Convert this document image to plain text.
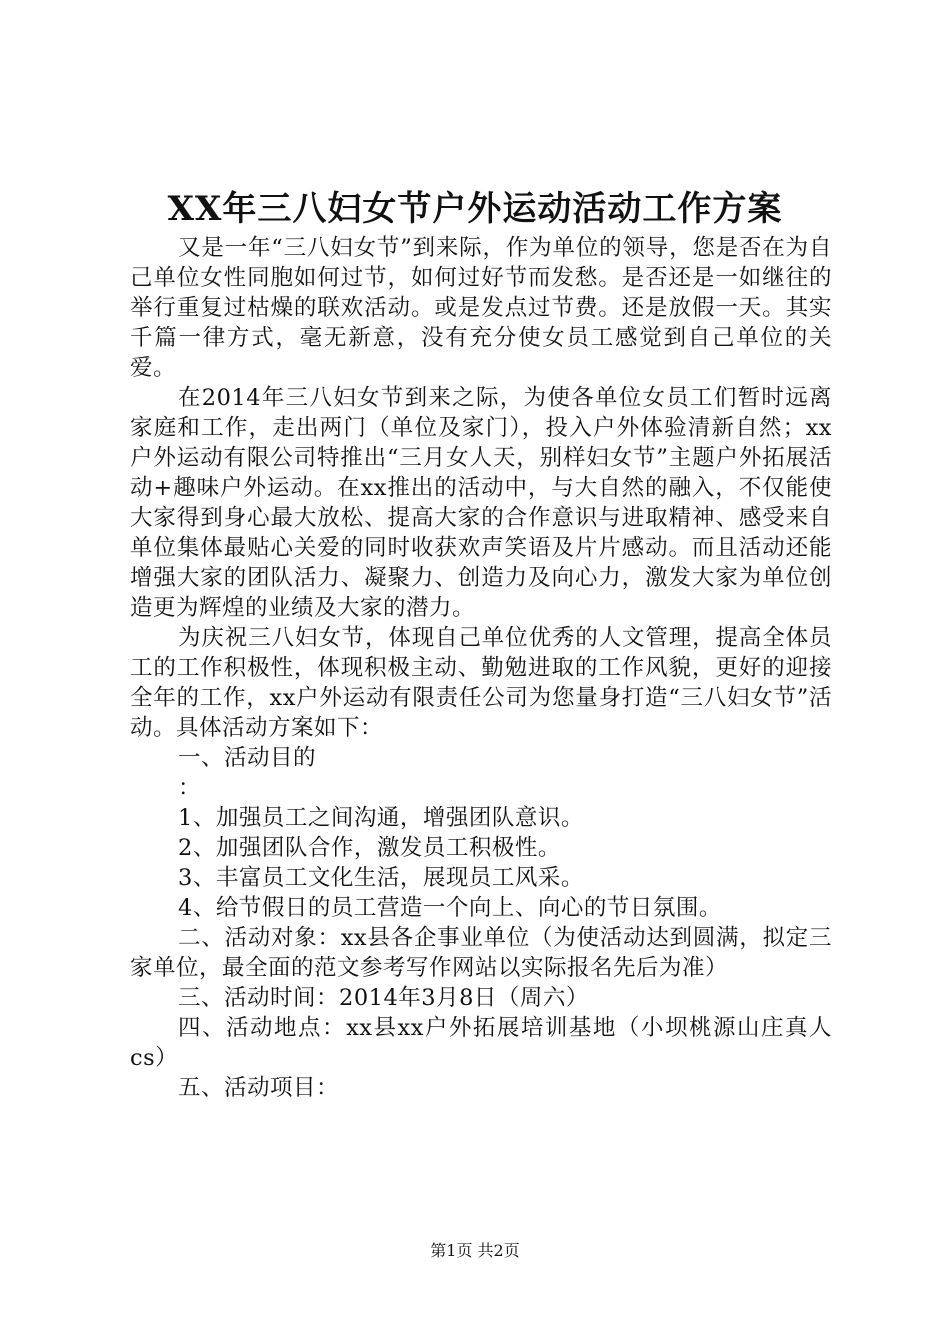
XX年三八妇女节户外运动活动工作方案

又是一年“三八妇女节”到来际，作为单位的领导，您是否在为自己单位女性同胞如何过节，如何过好节而发愁。是否还是一如继往的举行重复过枯燥的联欢活动。或是发点过节费。还是放假一天。其实千篇一律方式，毫无新意，没有充分使女员工感觉到自己单位的关爱。

在2014年三八妇女节到来之际，为使各单位女员工们暂时远离家庭和工作，走出两门（单位及家门），投入户外体验清新自然；xx户外运动有限公司特推出“三月女人天，别样妇女节”主题户外拓展活动+趣味户外运动。在xx推出的活动中，与大自然的融入，不仅能使大家得到身心最大放松、提高大家的合作意识与进取精神、感受来自单位集体最贴心关爱的同时收获欢声笑语及片片感动。而且活动还能增强大家的团队活力、凝聚力、创造力及向心力，激发大家为单位创造更为辉煌的业绩及大家的潜力。

为庆祝三八妇女节，体现自己单位优秀的人文管理，提高全体员工的工作积极性，体现积极主动、勤勉进取的工作风貌，更好的迎接全年的工作，xx户外运动有限责任公司为您量身打造“三八妇女节”活动。具体活动方案如下：

一、活动目的

：

1、加强员工之间沟通，增强团队意识。

2、加强团队合作，激发员工积极性。

3、丰富员工文化生活，展现员工风采。

4、给节假日的员工营造一个向上、向心的节日氛围。

二、活动对象：xx县各企事业单位（为使活动达到圆满，拟定三家单位，最全面的范文参考写作网站以实际报名先后为准）

三、活动时间：2014年3月8日（周六）

四、活动地点：xx县xx户外拓展培训基地（小坝桃源山庄真人cs）

五、活动项目：

第1页 共2页
